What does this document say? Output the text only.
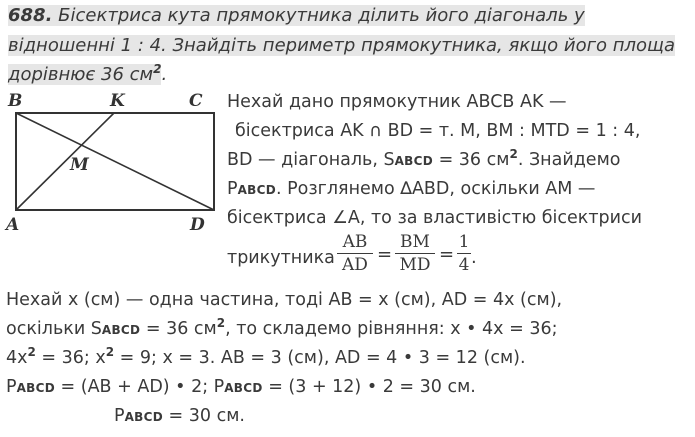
688. Бісектриса кута прямокутника ділить його діагональ у
відношенні 1 : 4. Знайдіть периметр прямокутника, якщо його площа
дорівнює 36 $см^2$.
B	K	C
M
A	D
Нехай дано прямокутник ABCB AK —
бісектриса AK ∩ BD = т. M, BM : MTD = 1 : 4,
BD — діагональ, SABCD = 36 $см^2$. Знайдемо
PABCD. Розглянемо ∆ABD, оскільки AM —
бісектриса ∠A, то за властивістю бісектриси
трикутника
AB
AD =
BM
MD =
1
4 .
Нехай x (см) — одна частина, тоді AB = x (см), AD = 4x (см),
оскільки SABCD = 36 $см^2$, то складемо рівняння: x • 4x = 36;
$4x^2 = 36$; $x^2 = 9$; x = 3. AB = 3 (см), AD = 4 • 3 = 12 (см).
PABCD = (AB + AD) • 2; PABCD = (3 + 12) • 2 = 30 см.
PABCD = 30 см.
